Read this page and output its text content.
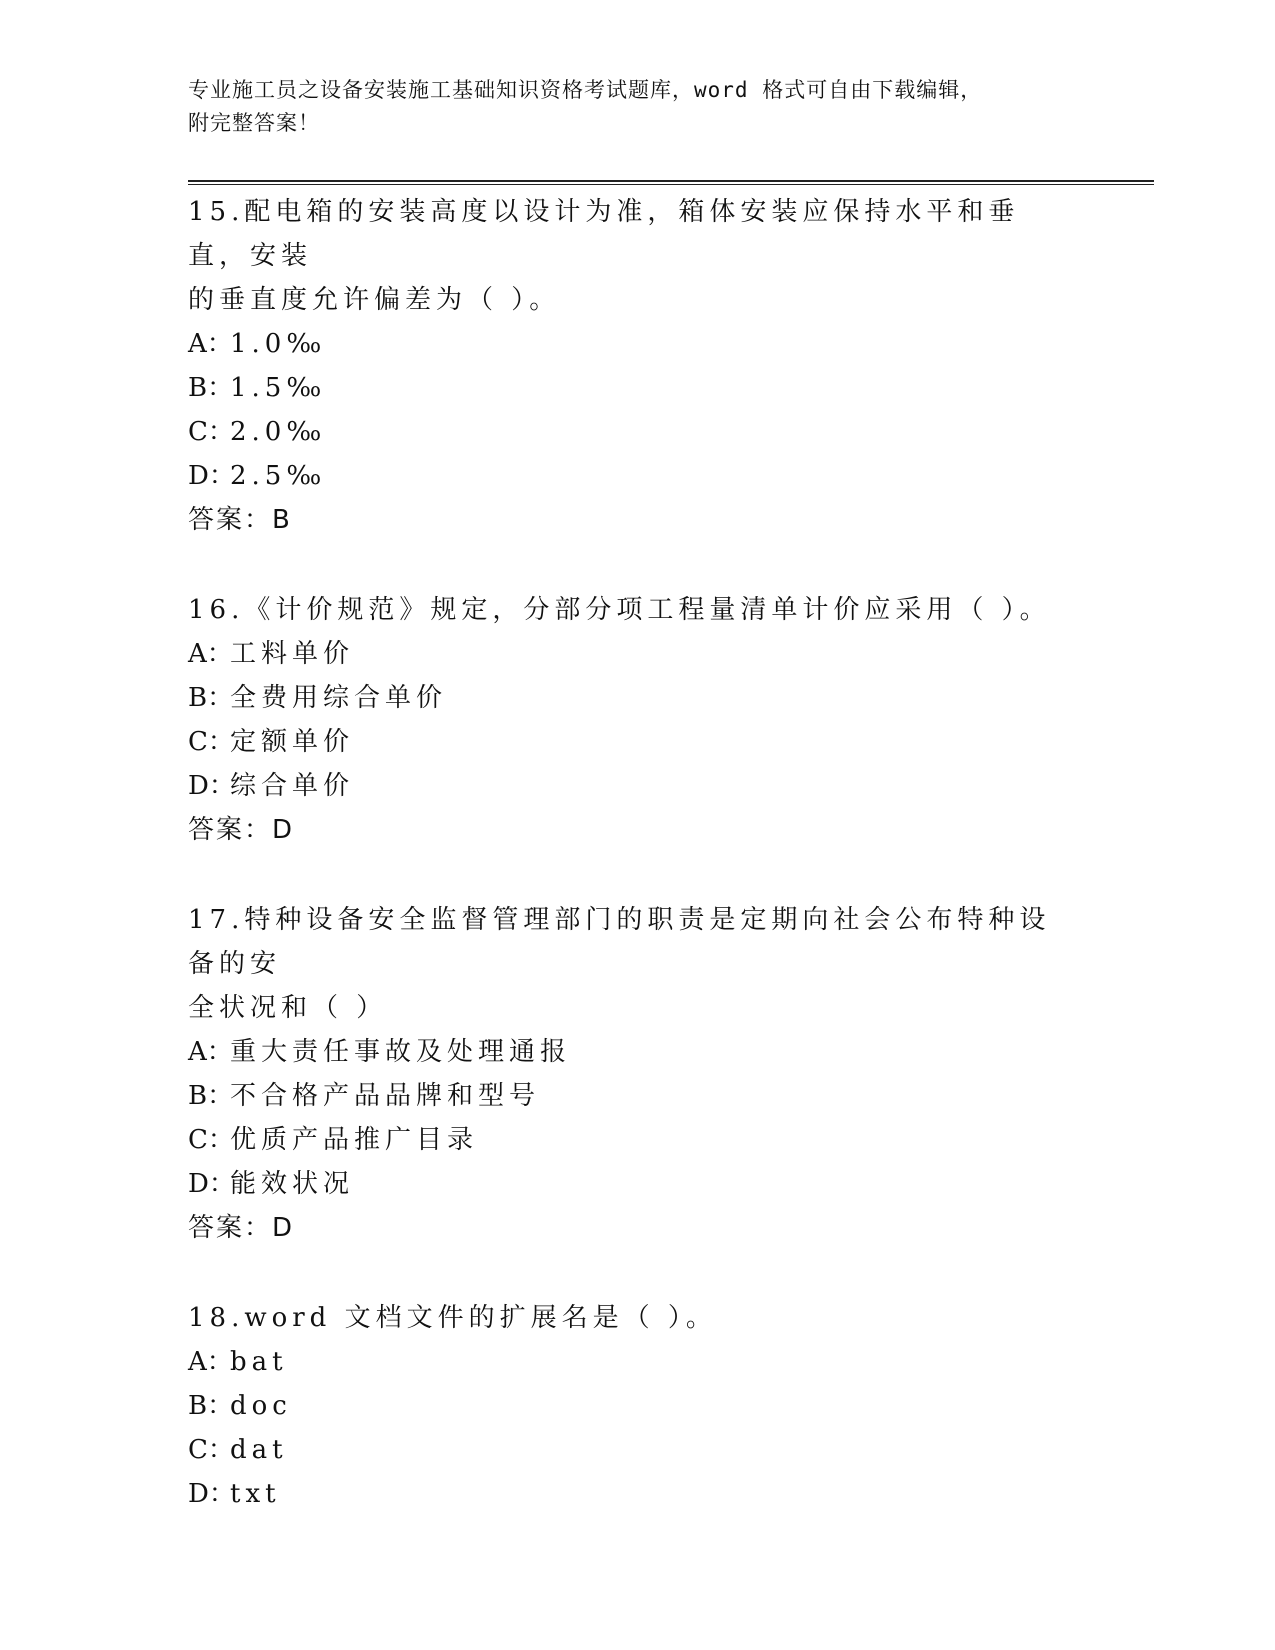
专业施工员之设备安装施工基础知识资格考试题库，word 格式可自由下载编辑，
附完整答案！
15.配电箱的安装高度以设计为准，箱体安装应保持水平和垂直，安装
的垂直度允许偏差为（ ）。
A：1.0‰
B：1.5‰
C：2.0‰
D：2.5‰
答案：B
16.《计价规范》规定，分部分项工程量清单计价应采用（ ）。
A：工料单价
B：全费用综合单价
C：定额单价
D：综合单价
答案：D
17.特种设备安全监督管理部门的职责是定期向社会公布特种设备的安
全状况和（ ）
A：重大责任事故及处理通报
B：不合格产品品牌和型号
C：优质产品推广目录
D：能效状况
答案：D
18.word 文档文件的扩展名是（ ）。
A：bat
B：doc
C：dat
D：txt
